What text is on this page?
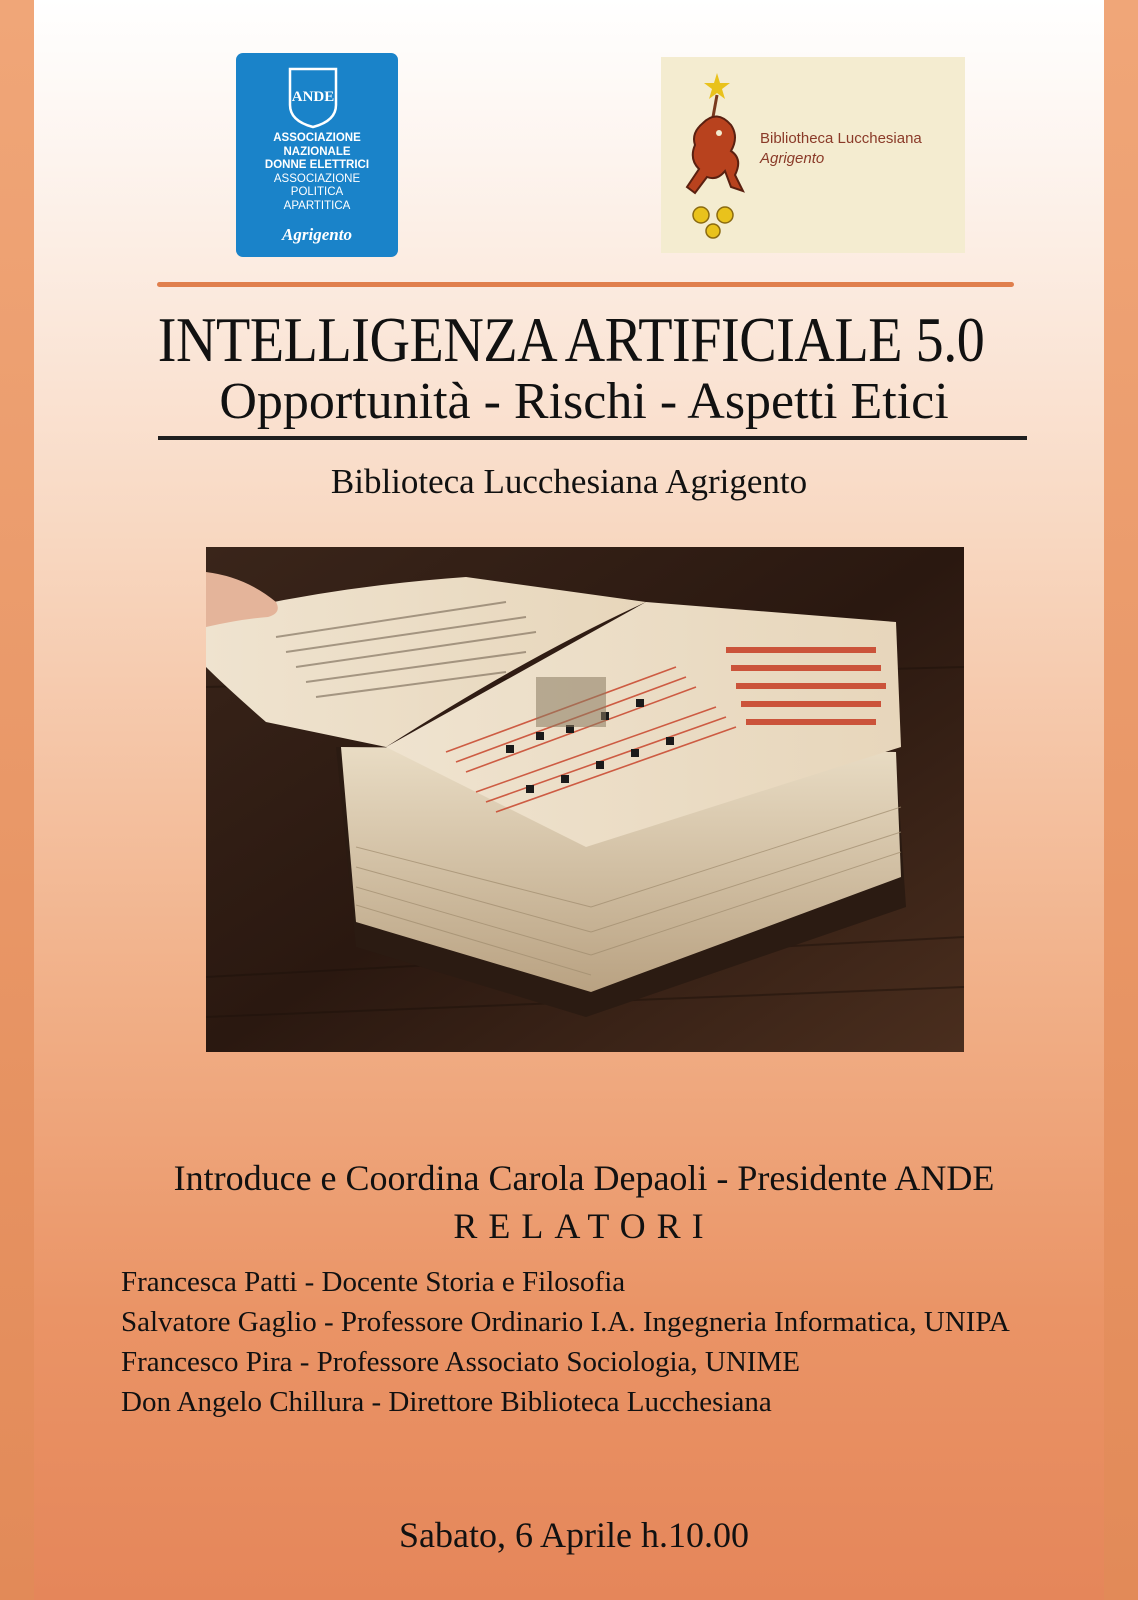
ANDE
ASSOCIAZIONE
NAZIONALE
DONNE ELETTRICI
ASSOCIAZIONE
POLITICA
APARTITICA
Agrigento
Bibliotheca Lucchesiana
Agrigento
INTELLIGENZA ARTIFICIALE 5.0
Opportunità - Rischi - Aspetti Etici
Biblioteca Lucchesiana Agrigento
Introduce e Coordina Carola Depaoli - Presidente ANDE
RELATORI
Francesca Patti - Docente Storia e Filosofia
Salvatore Gaglio - Professore Ordinario I.A. Ingegneria Informatica, UNIPA
Francesco Pira - Professore Associato Sociologia, UNIME
Don Angelo Chillura - Direttore Biblioteca Lucchesiana
Sabato, 6 Aprile h.10.00
